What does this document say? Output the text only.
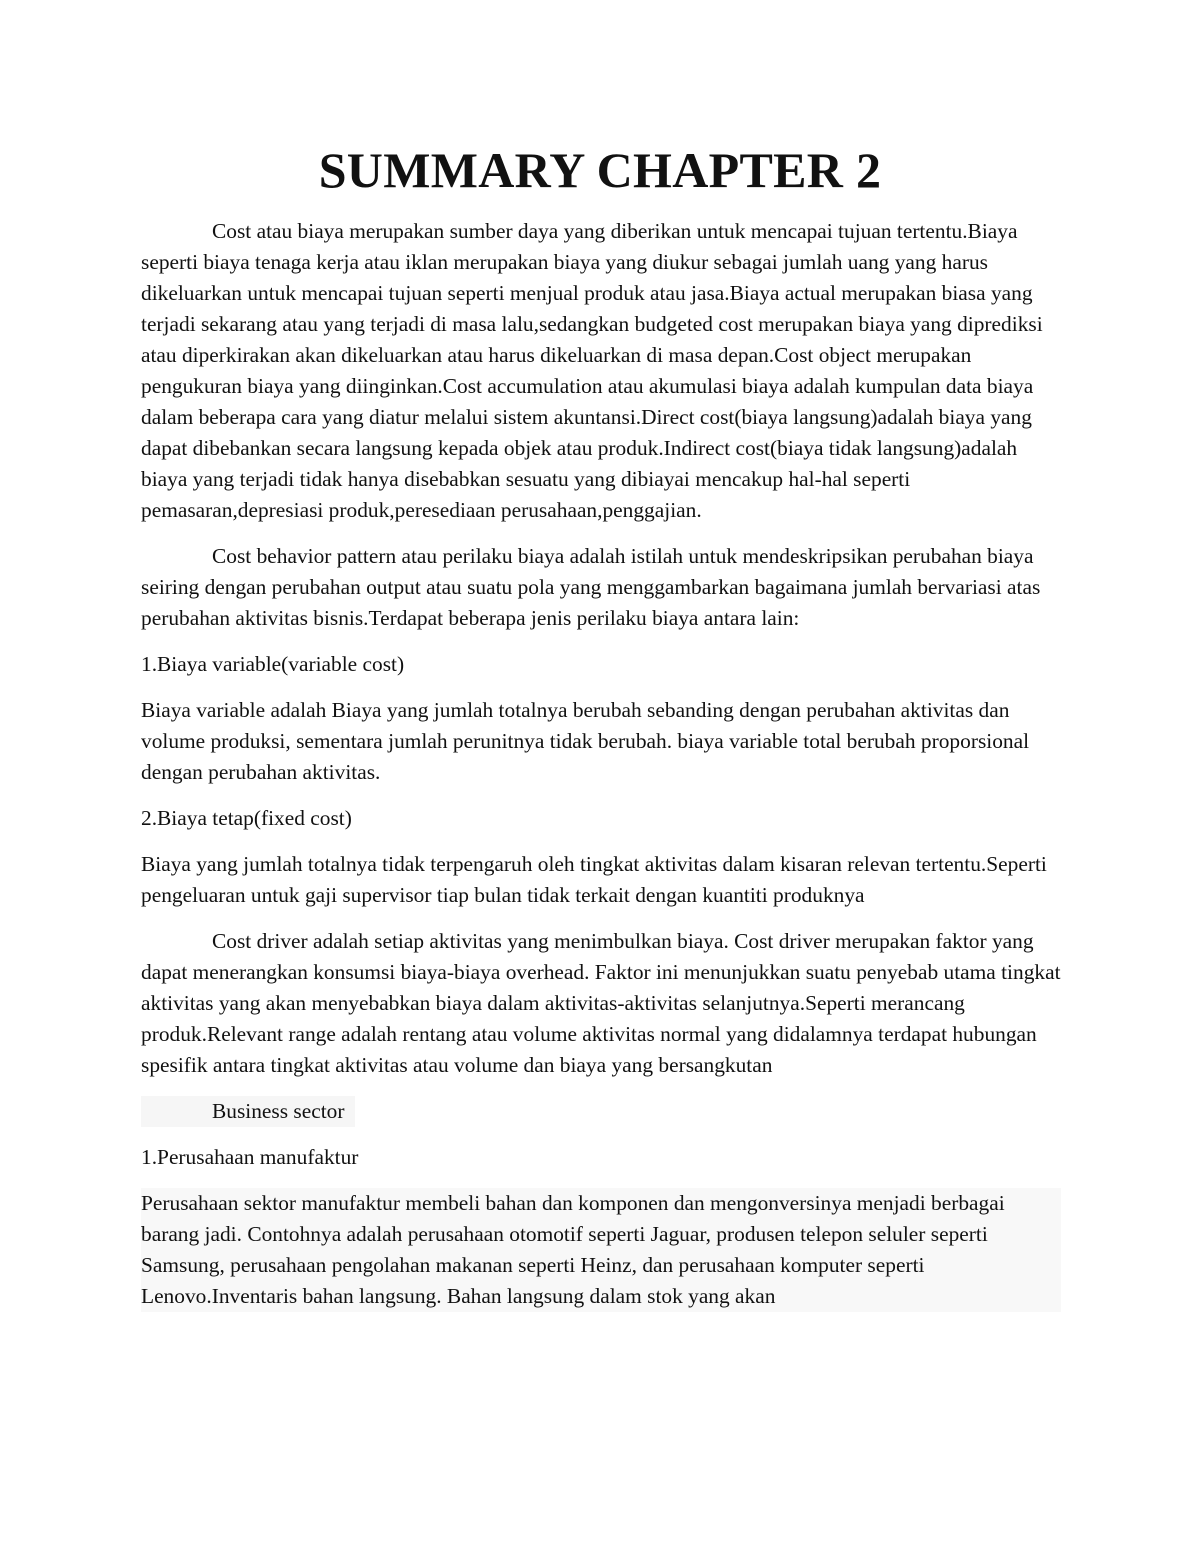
SUMMARY CHAPTER 2

Cost atau biaya merupakan sumber daya yang diberikan untuk mencapai tujuan tertentu.Biaya seperti biaya tenaga kerja atau iklan merupakan biaya yang diukur sebagai jumlah uang yang harus dikeluarkan untuk mencapai tujuan seperti menjual produk atau jasa.Biaya actual merupakan biasa yang terjadi sekarang atau yang terjadi di masa lalu,sedangkan budgeted cost merupakan biaya yang diprediksi atau diperkirakan akan dikeluarkan atau harus dikeluarkan di masa depan.Cost object merupakan pengukuran biaya yang diinginkan.Cost accumulation atau akumulasi biaya adalah kumpulan data biaya dalam beberapa cara yang diatur melalui sistem akuntansi.Direct cost(biaya langsung)adalah biaya yang dapat dibebankan secara langsung kepada objek atau produk.Indirect cost(biaya tidak langsung)adalah biaya yang terjadi tidak hanya disebabkan sesuatu yang dibiayai mencakup hal-hal seperti pemasaran,depresiasi produk,peresediaan perusahaan,penggajian.

Cost behavior pattern atau perilaku biaya adalah istilah untuk mendeskripsikan perubahan biaya seiring dengan perubahan output atau suatu pola yang menggambarkan bagaimana jumlah bervariasi atas perubahan aktivitas bisnis.Terdapat beberapa jenis perilaku biaya antara lain:

1.Biaya variable(variable cost)

Biaya variable adalah Biaya yang jumlah totalnya berubah sebanding dengan perubahan aktivitas dan volume produksi, sementara jumlah perunitnya tidak berubah. biaya variable total berubah proporsional dengan perubahan aktivitas.

2.Biaya tetap(fixed cost)

Biaya yang jumlah totalnya tidak terpengaruh oleh tingkat aktivitas dalam kisaran relevan tertentu.Seperti pengeluaran untuk gaji supervisor tiap bulan tidak terkait dengan kuantiti produknya

Cost driver adalah setiap aktivitas yang menimbulkan biaya. Cost driver merupakan faktor yang dapat menerangkan konsumsi biaya-biaya overhead. Faktor ini menunjukkan suatu penyebab utama tingkat aktivitas yang akan menyebabkan biaya dalam aktivitas-aktivitas selanjutnya.Seperti merancang produk.Relevant range adalah rentang atau volume aktivitas normal yang didalamnya terdapat hubungan spesifik antara tingkat aktivitas atau volume dan biaya yang bersangkutan

Business sector

1.Perusahaan manufaktur

Perusahaan sektor manufaktur membeli bahan dan komponen dan mengonversinya menjadi berbagai barang jadi. Contohnya adalah perusahaan otomotif seperti Jaguar, produsen telepon seluler seperti Samsung, perusahaan pengolahan makanan seperti Heinz, dan perusahaan komputer seperti Lenovo.Inventaris bahan langsung. Bahan langsung dalam stok yang akan
